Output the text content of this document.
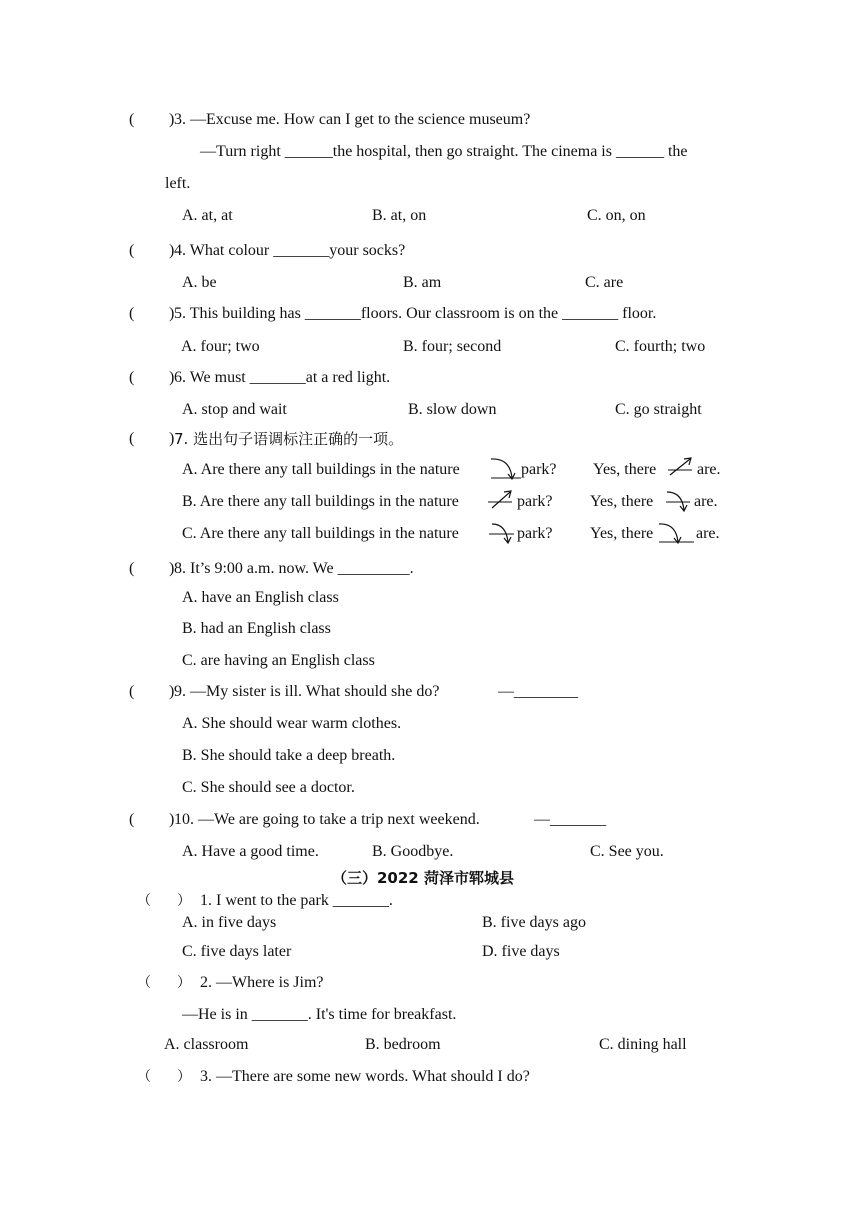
( ) 3. —Excuse me. How can I get to the science museum?
—Turn right ______the hospital, then go straight. The cinema is ______ the
left.
A. at, at	B. at, on	C. on, on
( ) 4. What colour _______your socks?
A. be	B. am	C. are
( ) 5. This building has _______floors. Our classroom is on the _______ floor.
A. four; two	B. four; second	C. fourth; two
( ) 6. We must _______at a red light.
A. stop and wait	B. slow down	C. go straight
( ) 7. 选出句子语调标注正确的一项。
A. Are there any tall buildings in the nature	park? Yes, there	are.
B. Are there any tall buildings in the nature	park? Yes, there	are.
C. Are there any tall buildings in the nature	park? Yes, there	are.
( ) 8. It’s 9:00 a.m. now. We _________.
A. have an English class
B. had an English class
C. are having an English class
( ) 9. —My sister is ill. What should she do?	—________
A. She should wear warm clothes.
B. She should take a deep breath.
C. She should see a doctor.
( ) 10. —We are going to take a trip next weekend.	—_______
A. Have a good time.	B. Goodbye.	C. See you.
（三）2022 菏泽市郓城县
（ ） 1. I went to the park _______.
A. in five days	B. five days ago
C. five days later	D. five days
（ ） 2. —Where is Jim?
—He is in _______. It's time for breakfast.
A. classroom	B. bedroom	C. dining hall
（ ） 3. —There are some new words. What should I do?
